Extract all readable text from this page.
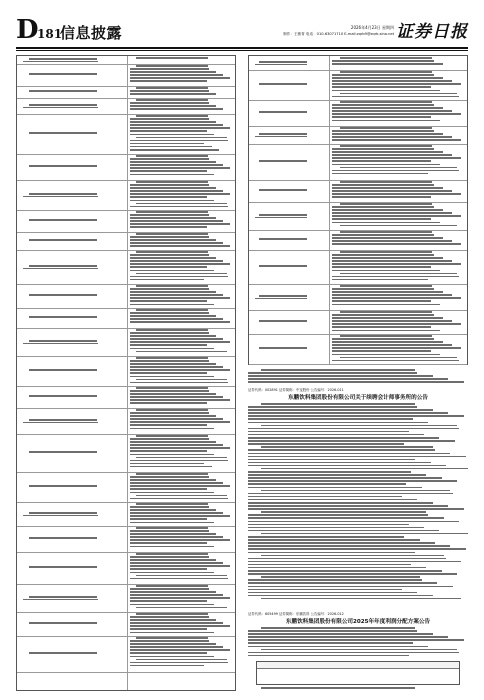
D
181
信息披露	2026年4月23日 星期四
制作：王敏青 电话：010-63071710 E-mail:zqrb9@zqrb.sina.net 证券日报
证券代码：002891 证券简称：中宠股份 公告编号：2026-011
东鹏饮料集团股份有限公司关于续聘会计师事务所的公告
证券代码：605499 证券简称：东鹏饮料 公告编号：2026-012
东鹏饮料集团股份有限公司2025年年度利润分配方案公告
